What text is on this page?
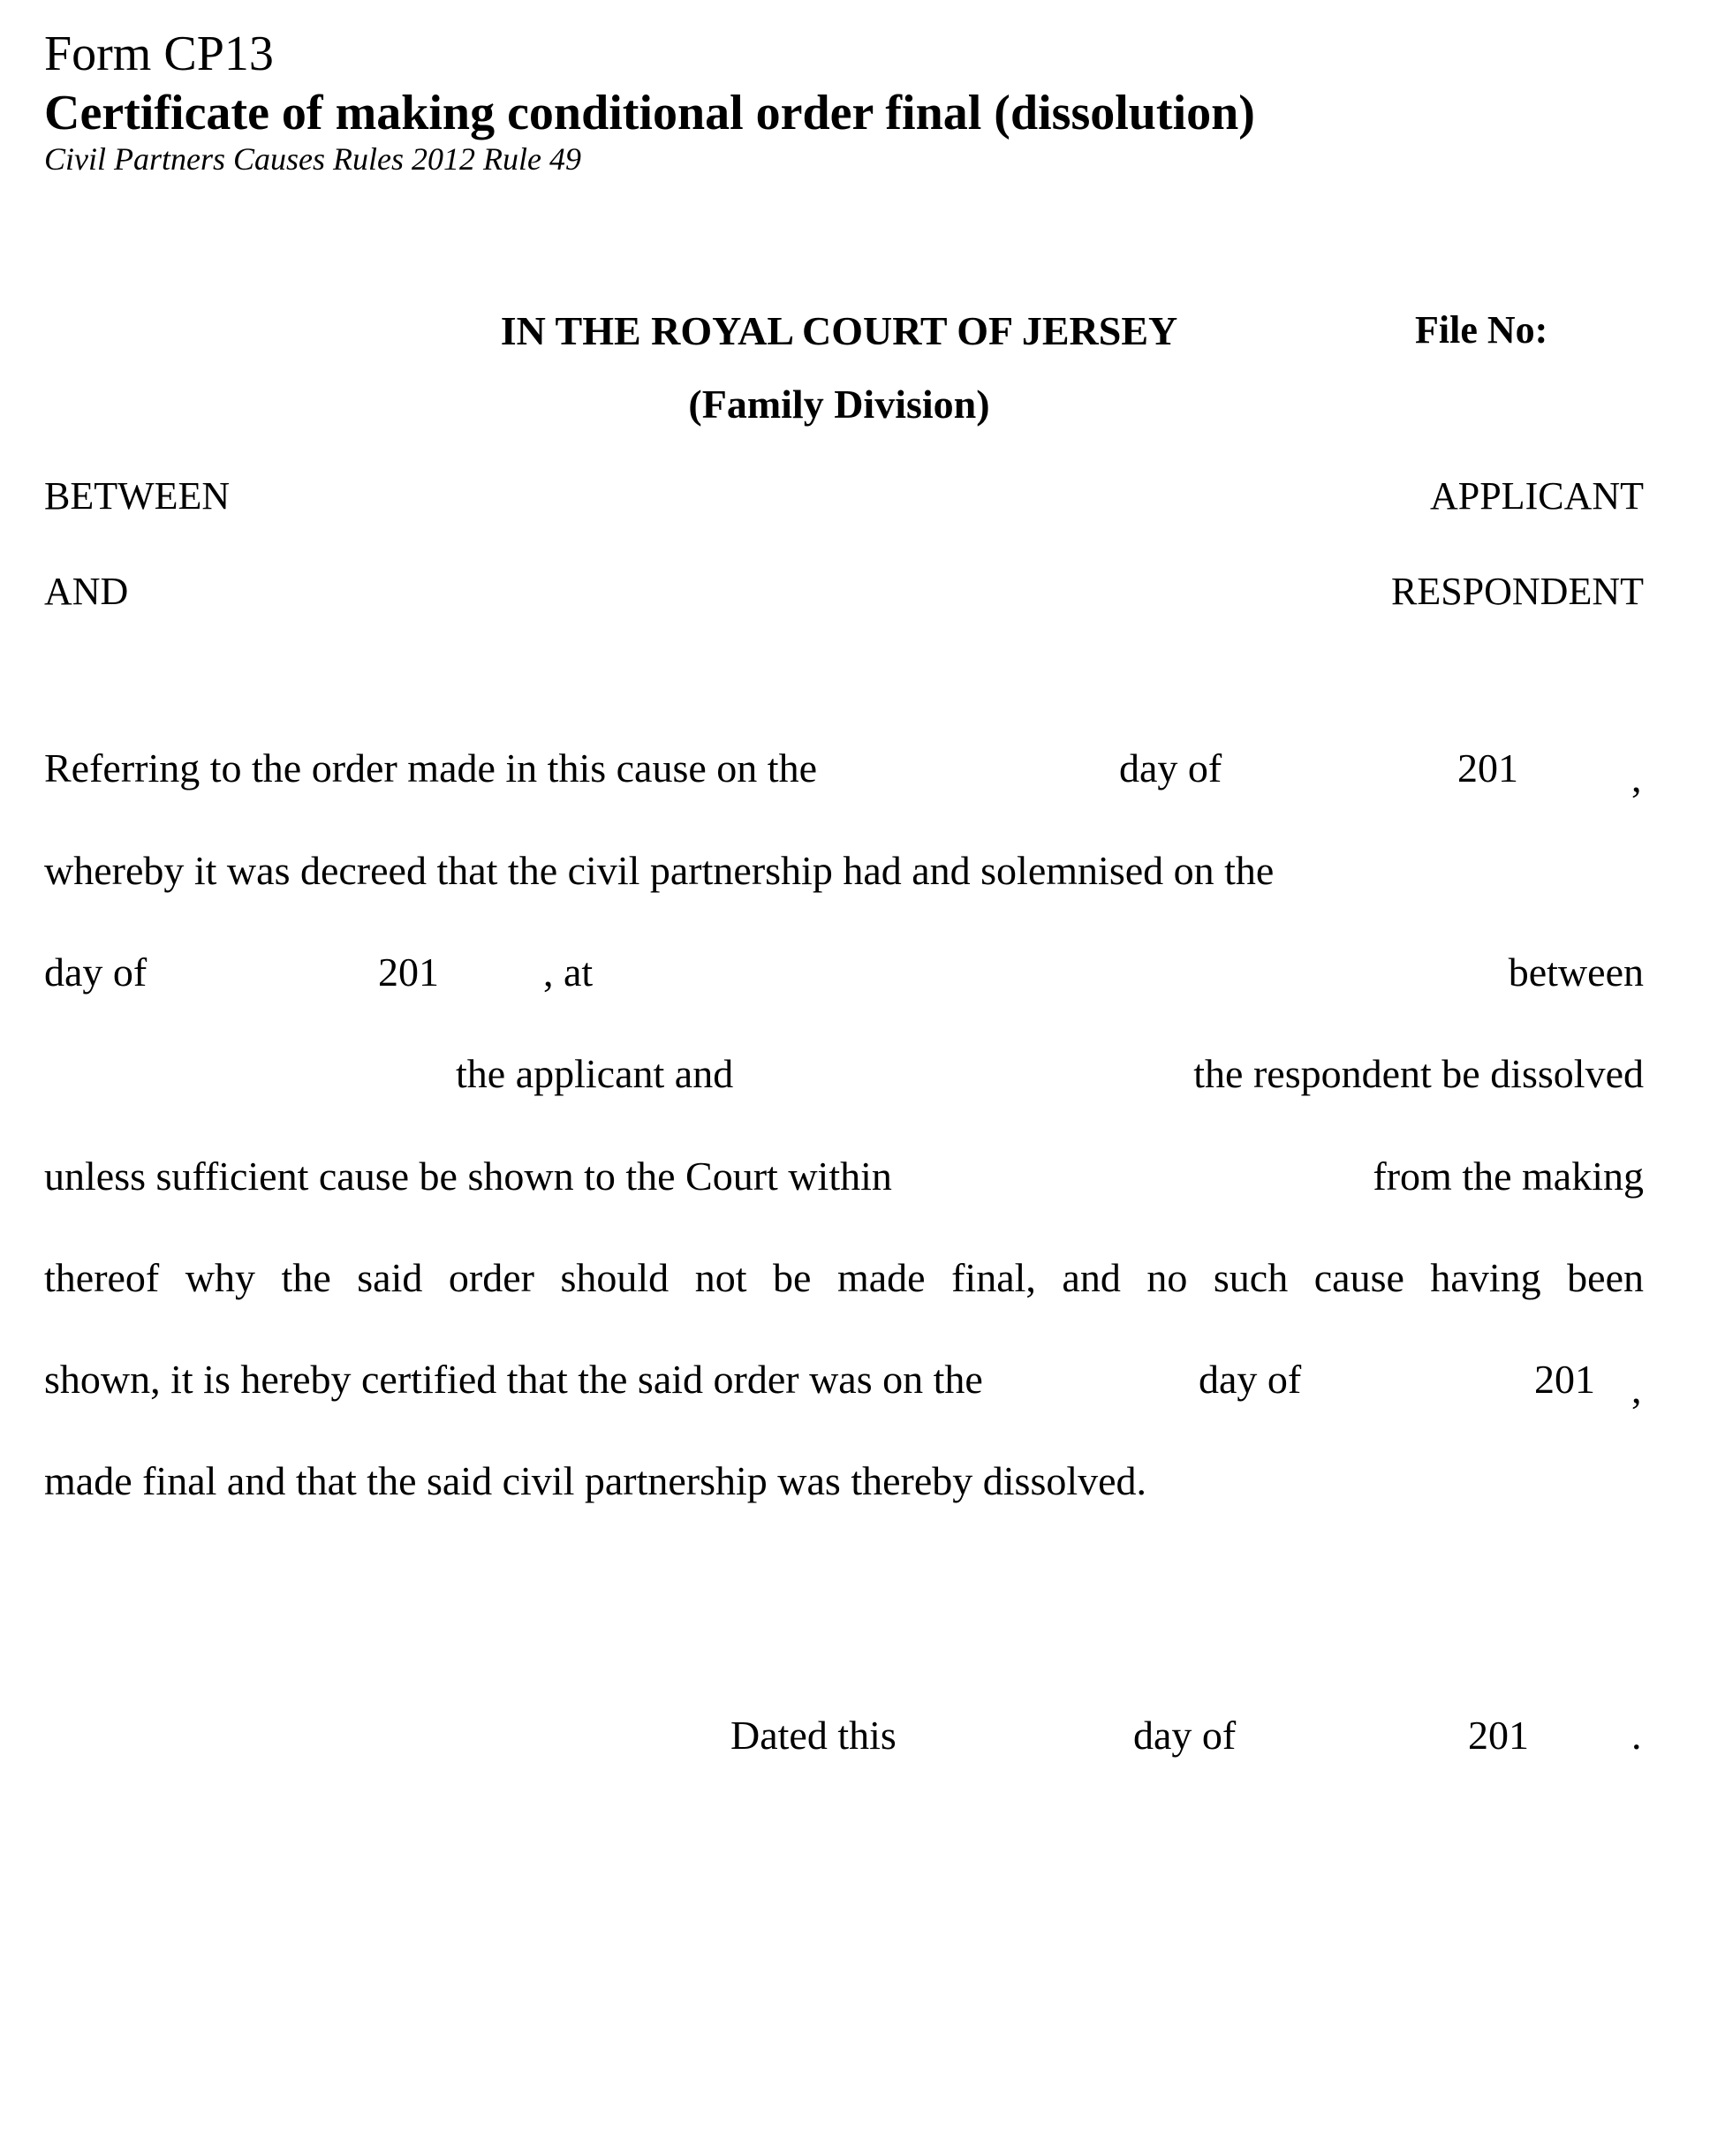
Form CP13
Certificate of making conditional order final (dissolution)
Civil Partners Causes Rules 2012 Rule 49
IN THE ROYAL COURT OF JERSEY	File No:
(Family Division)
BETWEEN	APPLICANT
AND	RESPONDENT
Referring to the order made in this cause on the	day of	201	,
whereby it was decreed that the civil partnership had and solemnised on the
day of	201	, at	between
the applicant and	the respondent be dissolved
unless sufficient cause be shown to the Court within	from the making
thereof why the said order should not be made final, and no such cause having been
shown, it is hereby certified that the said order was on the	day of	201 ,
made final and that the said civil partnership was thereby dissolved.
Dated this	day of	201	.
